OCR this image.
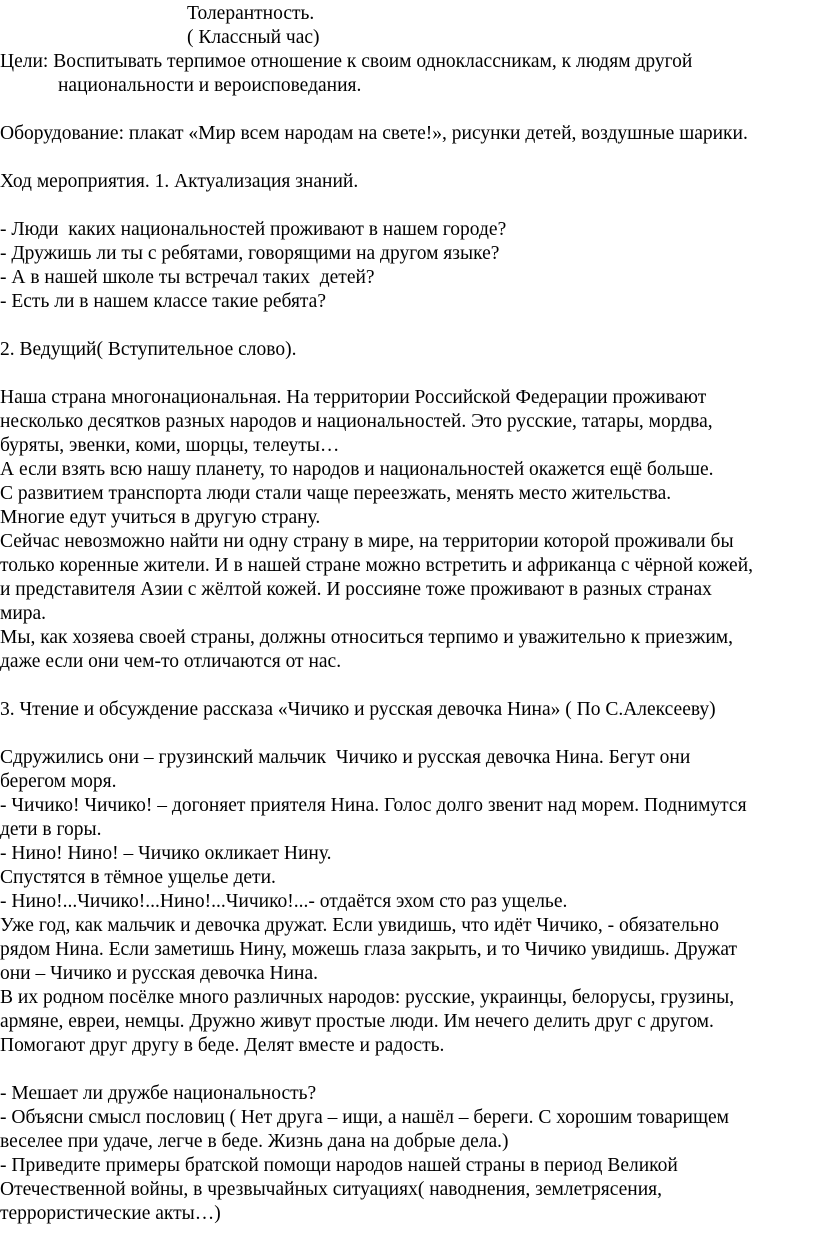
Толерантность.
( Классный час)
Цели: Воспитывать терпимое отношение к своим одноклассникам, к людям другой
национальности и вероисповедания.
Оборудование: плакат «Мир всем народам на свете!», рисунки детей, воздушные шарики.
Ход мероприятия. 1. Актуализация знаний.
- Люди  каких национальностей проживают в нашем городе?
- Дружишь ли ты с ребятами, говорящими на другом языке?
- А в нашей школе ты встречал таких  детей?
- Есть ли в нашем классе такие ребята?
2. Ведущий( Вступительное слово).
Наша страна многонациональная. На территории Российской Федерации проживают
несколько десятков разных народов и национальностей. Это русские, татары, мордва,
буряты, эвенки, коми, шорцы, телеуты…
А если взять всю нашу планету, то народов и национальностей окажется ещё больше.
С развитием транспорта люди стали чаще переезжать, менять место жительства.
Многие едут учиться в другую страну.
Сейчас невозможно найти ни одну страну в мире, на территории которой проживали бы
только коренные жители. И в нашей стране можно встретить и африканца с чёрной кожей,
и представителя Азии с жёлтой кожей. И россияне тоже проживают в разных странах
мира.
Мы, как хозяева своей страны, должны относиться терпимо и уважительно к приезжим,
даже если они чем-то отличаются от нас.
3. Чтение и обсуждение рассказа «Чичико и русская девочка Нина» ( По С.Алексееву)
Сдружились они – грузинский мальчик  Чичико и русская девочка Нина. Бегут они
берегом моря.
- Чичико! Чичико! – догоняет приятеля Нина. Голос долго звенит над морем. Поднимутся
дети в горы.
- Нино! Нино! – Чичико окликает Нину.
Спустятся в тёмное ущелье дети.
- Нино!...Чичико!...Нино!...Чичико!...- отдаётся эхом сто раз ущелье.
Уже год, как мальчик и девочка дружат. Если увидишь, что идёт Чичико, - обязательно
рядом Нина. Если заметишь Нину, можешь глаза закрыть, и то Чичико увидишь. Дружат
они – Чичико и русская девочка Нина.
В их родном посёлке много различных народов: русские, украинцы, белорусы, грузины,
армяне, евреи, немцы. Дружно живут простые люди. Им нечего делить друг с другом.
Помогают друг другу в беде. Делят вместе и радость.
- Мешает ли дружбе национальность?
- Объясни смысл пословиц ( Нет друга – ищи, а нашёл – береги. С хорошим товарищем
веселее при удаче, легче в беде. Жизнь дана на добрые дела.)
- Приведите примеры братской помощи народов нашей страны в период Великой
Отечественной войны, в чрезвычайных ситуациях( наводнения, землетрясения,
террористические акты…)
